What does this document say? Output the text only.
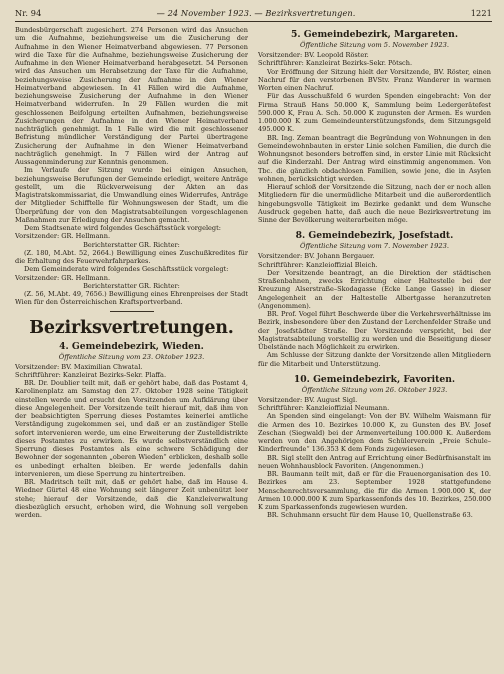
Nr. 94	— 24 November 1923. — Bezirksvertretungen.	1221

Bundesbürgerschaft zugesichert. 274 Personen wird das Ansuchen um die Aufnahme, beziehungsweise um die Zusicherung der Aufnahme in den Wiener Heimatverband abgewiesen. 77 Personen wird die Taxe für die Aufnahme, beziehungsweise Zusicherung der Aufnahme in den Wiener Heimatverband herabgesetzt. 54 Personen wird das Ansuchen um Herabsetzung der Taxe für die Aufnahme, beziehungsweise Zusicherung der Aufnahme in den Wiener Heimatverband abgewiesen. In 41 Fällen wird die Aufnahme, beziehungsweise Zusicherung der Aufnahme in den Wiener Heimatverband widerrufen. In 29 Fällen wurden die mit geschlossenen Beifolgung erteilten Aufnahmen, beziehungsweise Zusicherungen der Aufnahme in den Wiener Heimatverband nachträglich genehmigt. In 1 Falle wird die mit geschlossener Befristung mündlicher Verständigung der Partei übertragene Zusicherung der Aufnahme in den Wiener Heimatverband nachträglich genehmigt. In 7 Fällen wird der Antrag auf Aussagenminderung zur Kenntnis genommen.

Im Verlaufe der Sitzung wurde bei einigen Ansuchen, beziehungsweise Berufungen der Gemeinde erledigt, weitere Anträge gestellt, um die Rückverweisung der Akten an das Magistratskommissariat, die Umwandlung eines Widerrufes, Anträge der Mitglieder Schifftelle für Wohnungswesen der Stadt, um die Überprüfung der von den Magistratsabteilungen vorgeschlagenen Maßnahmen zur Erledigung der Ansuchen gemacht.

Dem Stadtsenate wird folgendes Geschäftsstück vorgelegt:

Vorsitzender: GR. Hellmann.

Berichterstatter GR. Richter:

(Z. 180, M.Abt. 52, 2664.) Bewilligung eines Zuschußkredites für die Erhaltung des Feuerwehrfahrparkes.

Dem Gemeinderate wird folgendes Geschäftsstück vorgelegt:

Vorsitzender: GR. Hellmann.

Berichterstatter GR. Richter:

(Z. 56, M.Abt. 49, 7656.) Bewilligung eines Ehrenpreises der Stadt Wien für den Österreichischen Kraftsportverband.

Bezirksvertretungen.
4. Gemeindebezirk, Wieden.
Öffentliche Sitzung vom 23. Oktober 1923.

Vorsitzender: BV. Maximilian Chwatal.

Schriftführer: Kanzleirat Bezirks-Sekr. Plaffa.

BR. Dr. Doublier teilt mit, daß er gehört habe, daß das Postamt 4, Karolinenplatz am Samstag den 27. Oktober 1928 seine Tätigkeit einstellen werde und ersucht den Vorsitzenden um Aufklärung über diese Angelegenheit. Der Vorsitzende teilt hierauf mit, daß ihm von der beabsichtigten Sperrung dieses Postamtes keinerlei amtliche Verständigung zugekommen sei, und daß er an zuständiger Stelle sofort intervenieren werde, um eine Erweiterung der Zustelldistrikte dieses Postamtes zu erwirken. Es wurde selbstverständlich eine Sperrung dieses Postamtes als eine schwere Schädigung der Bewohner der sogenannten „oberen Wieden“ erblicken, deshalb solle es unbedingt erhalten bleiben. Er werde jedenfalls dahin intervenieren, um diese Sperrung zu hintertreiben.

BR. Madritsch teilt mit, daß er gehört habe, daß im Hause 4. Wiedner Gürtel 48 eine Wohnung seit längerer Zeit unbenützt leer stehe; hierauf der Vorsitzende, daß die Kanzleiverwaltung diesbezüglich ersucht, erhoben wird, die Wohnung soll vergeben werden.

5. Gemeindebezirk, Margareten.
Öffentliche Sitzung vom 5. November 1923.

Vorsitzender: BV. Leopold Röster.

Schriftführer: Kanzleirat Bezirks-Sekr. Pötsch.

Vor Eröffnung der Sitzung hielt der Vorsitzende, BV. Röster, einen Nachruf für den verstorbenen BVStv. Franz Wanderer in warmen Worten einen Nachruf.

Für das Ausschußfeld 6 wurden Spenden eingebracht: Von der Firma Strauß Hans 50.000 K, Sammlung beim Ledergerätefest 590.000 K, Frau A. Sch. 50.000 K zugunsten der Armen. Es wurden 1.000.000 K zum Gemeindeunterstützungsfonds, dem Sitzungsgeld 495.000 K.

BR. Ing. Zeman beantragt die Begründung von Wohnungen in den Gemeindewohnbauten in erster Linie solchen Familien, die durch die Wohnungsnot besonders betroffen sind, in erster Linie mit Rücksicht auf die Kinderzahl. Der Antrag wird einstimmig angenommen. Von Tbc. die gänzlich obdachlosen Familien, sowie jene, die in Asylen wohnen, berücksichtigt werden.

Hierauf schloß der Vorsitzende die Sitzung, nach der er noch allen Mitgliedern für die unermüdliche Mitarbeit und die außerordentlich hingebungsvolle Tätigkeit im Bezirke gedankt und dem Wunsche Ausdruck gegeben hatte, daß auch die neue Bezirksvertretung im Sinne der Bevölkerung weiterarbeiten möge.

8. Gemeindebezirk, Josefstadt.
Öffentliche Sitzung vom 7. November 1923.

Vorsitzender: BV. Johann Bergauer.

Schriftführer: Kanzleioffizial Bleich.

Der Vorsitzende beantragt, an die Direktion der städtischen Straßenbahnen, zwecks Errichtung einer Haltestelle bei der Kreuzung Alserstraße–Skodagasse (Ecke Lange Gasse) in dieser Angelegenheit an der Haltestelle Albertgasse heranzutreten (Angenommen).

BR. Prof. Vogel führt Beschwerde über die Verkehrsverhältnisse im Bezirk, insbesondere über den Zustand der Lerchenfelder Straße und der Josefstädter Straße. Der Vorsitzende verspricht, bei der Magistratsabteilung vorstellig zu werden und die Beseitigung dieser Übelstände nach Möglichkeit zu erwirken.

Am Schlusse der Sitzung dankte der Vorsitzende allen Mitgliedern für die Mitarbeit und Unterstützung.

10. Gemeindebezirk, Favoriten.
Öffentliche Sitzung vom 26. Oktober 1923.

Vorsitzender: BV. August Sigl.

Schriftführer: Kanzleioffizial Neumann.

An Spenden sind eingelangt: Von der BV. Wilhelm Waismann für die Armen des 10. Bezirkes 10.000 K, zu Gunsten des BV. Josef Zeschan (Siegwald) bei der Armenverteilung 100.000 K. Außerdem werden von den Angehörigen dem Schülerverein „Freie Schule–Kinderfreunde“ 136.353 K dem Fonds zugewiesen.

BR. Sigl stellt den Antrag auf Errichtung einer Bedürfnisanstalt im neuen Wohnhausblock Favoriten. (Angenommen.)

BR. Baumann teilt mit, daß er für die Frauenorganisation des 10. Bezirkes am 23. September 1928 stattgefundene Menschenrechtsversammlung, die für die Armen 1.900.000 K, der Armen 10.000.000 K zum Sparkassenfonds des 10. Bezirkes, 250.000 K zum Sparkassenfonds zugewiesen wurden.

BR. Schuhmann ersucht für dem Hause 10, Quellenstraße 63.
